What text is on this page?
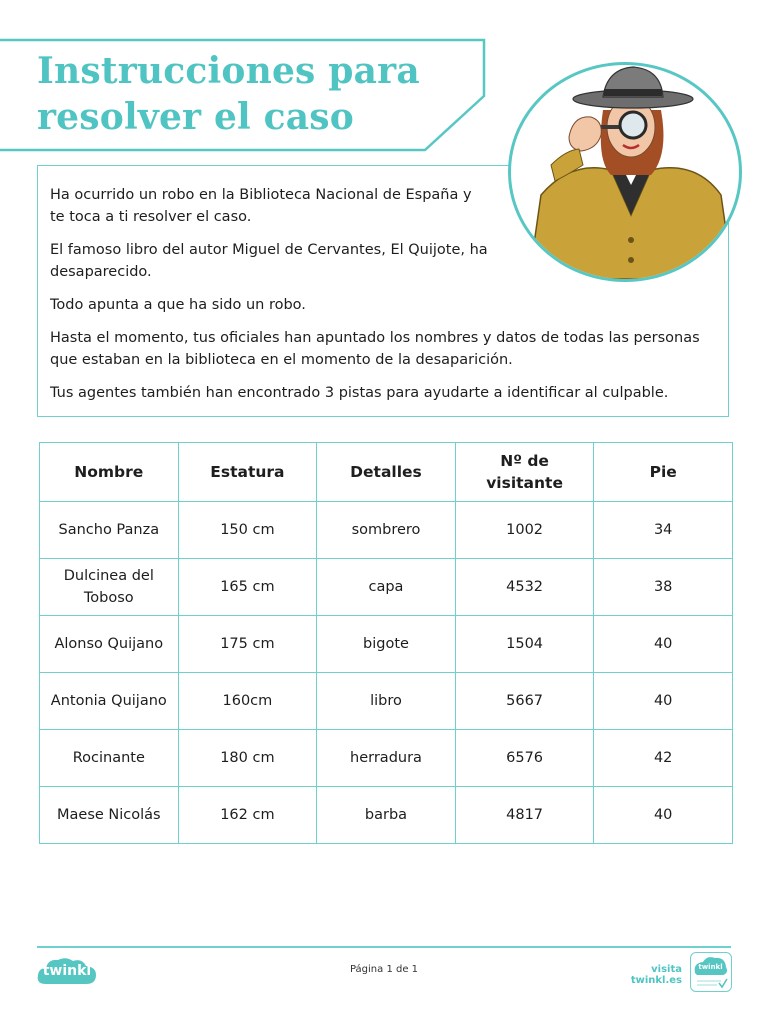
Instrucciones para
resolver el caso

Ha ocurrido un robo en la Biblioteca Nacional de España y te toca a ti resolver el caso.

El famoso libro del autor Miguel de Cervantes, El Quijote, ha desaparecido.

Todo apunta a que ha sido un robo.

Hasta el momento, tus oficiales han apuntado los nombres y datos de todas las personas que estaban en la biblioteca en el momento de la desaparición.

Tus agentes también han encontrado 3 pistas para ayudarte a identificar al culpable.

Nombre	Estatura	Detalles	Nº de visitante	Pie
Sancho Panza	150 cm	sombrero	1002	34
Dulcinea del Toboso	165 cm	capa	4532	38
Alonso Quijano	175 cm	bigote	1504	40
Antonia Quijano	160cm	libro	5667	40
Rocinante	180 cm	herradura	6576	42
Maese Nicolás	162 cm	barba	4817	40
twinkl	Página 1 de 1	visita twinkl.es
twinkl
